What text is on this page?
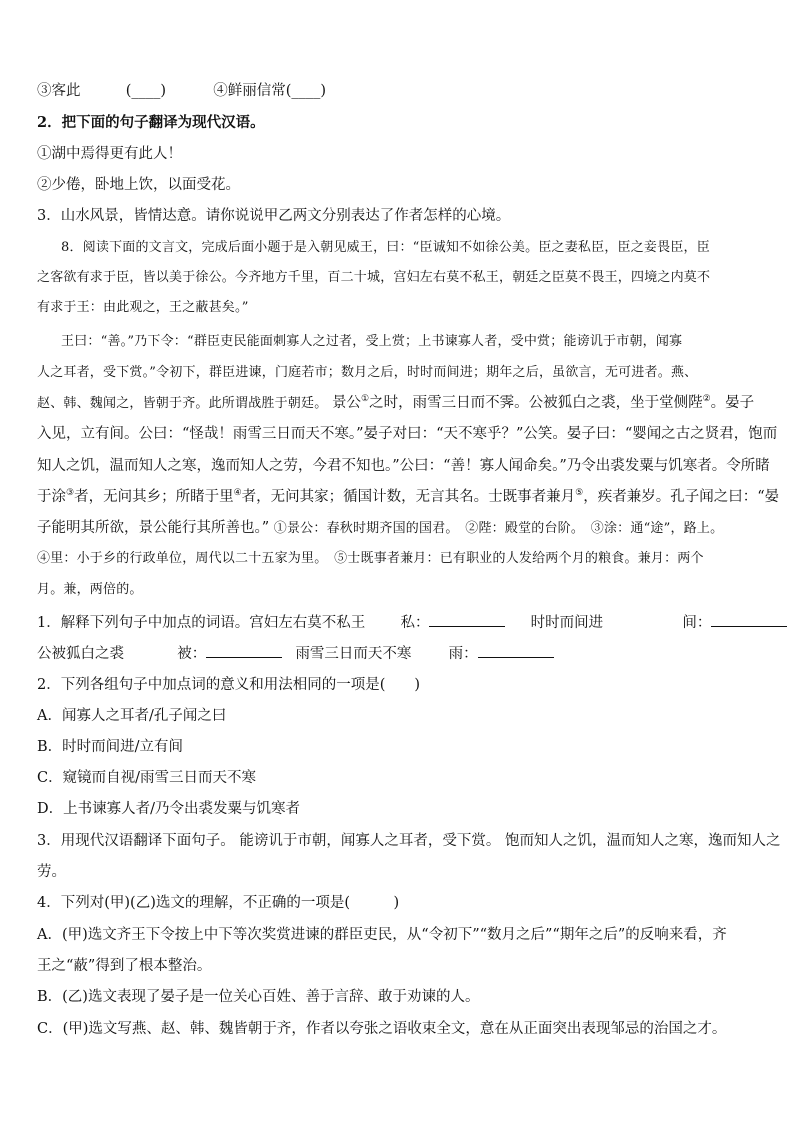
③客此	(____)	④鲜丽信常(____)
2．把下面的句子翻译为现代汉语。
①湖中焉得更有此人！
②少倦，卧地上饮，以面受花。
3．山水风景，皆情达意。请你说说甲乙两文分别表达了作者怎样的心境。
8．阅读下面的文言文，完成后面小题于是入朝见威王，曰：“臣诚知不如徐公美。臣之妻私臣，臣之妾畏臣，臣
之客欲有求于臣，皆以美于徐公。今齐地方千里，百二十城，宫妇左右莫不私王，朝廷之臣莫不畏王，四境之内莫不
有求于王：由此观之，王之蔽甚矣。”
王曰：“善。”乃下令：“群臣吏民能面刺寡人之过者，受上赏；上书谏寡人者，受中赏；能谤讥于市朝，闻寡
人之耳者，受下赏。”令初下，群臣进谏，门庭若市；数月之后，时时而间进；期年之后，虽欲言，无可进者。燕、
赵、韩、魏闻之，皆朝于齐。此所谓战胜于朝廷。 景公①之时，雨雪三日而不霁。公被狐白之裘，坐于堂侧陛②。晏子
入见，立有间。公曰：“怪哉！雨雪三日而天不寒。”晏子对曰：“天不寒乎？”公笑。晏子曰：“婴闻之古之贤君，饱而
知人之饥，温而知人之寒，逸而知人之劳，今君不知也。”公曰：“善！寡人闻命矣。”乃令出裘发粟与饥寒者。令所睹
于涂③者，无问其乡；所睹于里④者，无问其家；循国计数，无言其名。士既事者兼月⑤，疾者兼岁。孔子闻之曰：“晏
子能明其所欲，景公能行其所善也。” ①景公：春秋时期齐国的国君。　②陛：殿堂的台阶。　③涂：通“途”，路上。
④里：小于乡的行政单位，周代以二十五家为里。　⑤士既事者兼月：已有职业的人发给两个月的粮食。兼月：两个
月。兼，两倍的。
1．解释下列句子中加点的词语。宫妇左右莫不私王 私：	时时而间进	间：
公被狐白之裘	被：	雨雪三日而天不寒	雨：
2．下列各组句子中加点词的意义和用法相同的一项是(　　)
A．闻寡人之耳者/孔子闻之曰
B．时时而间进/立有间
C．窥镜而自视/雨雪三日而天不寒
D．上书谏寡人者/乃令出裘发粟与饥寒者
3．用现代汉语翻译下面句子。 能谤讥于市朝，闻寡人之耳者，受下赏。 饱而知人之饥，温而知人之寒，逸而知人之
劳。
4．下列对(甲)(乙)选文的理解，不正确的一项是(　　　)
A．(甲)选文齐王下令按上中下等次奖赏进谏的群臣吏民，从“令初下”“数月之后”“期年之后”的反响来看，齐
王之“蔽”得到了根本整治。
B．(乙)选文表现了晏子是一位关心百姓、善于言辞、敢于劝谏的人。
C．(甲)选文写燕、赵、韩、魏皆朝于齐，作者以夸张之语收束全文，意在从正面突出表现邹忌的治国之才。
